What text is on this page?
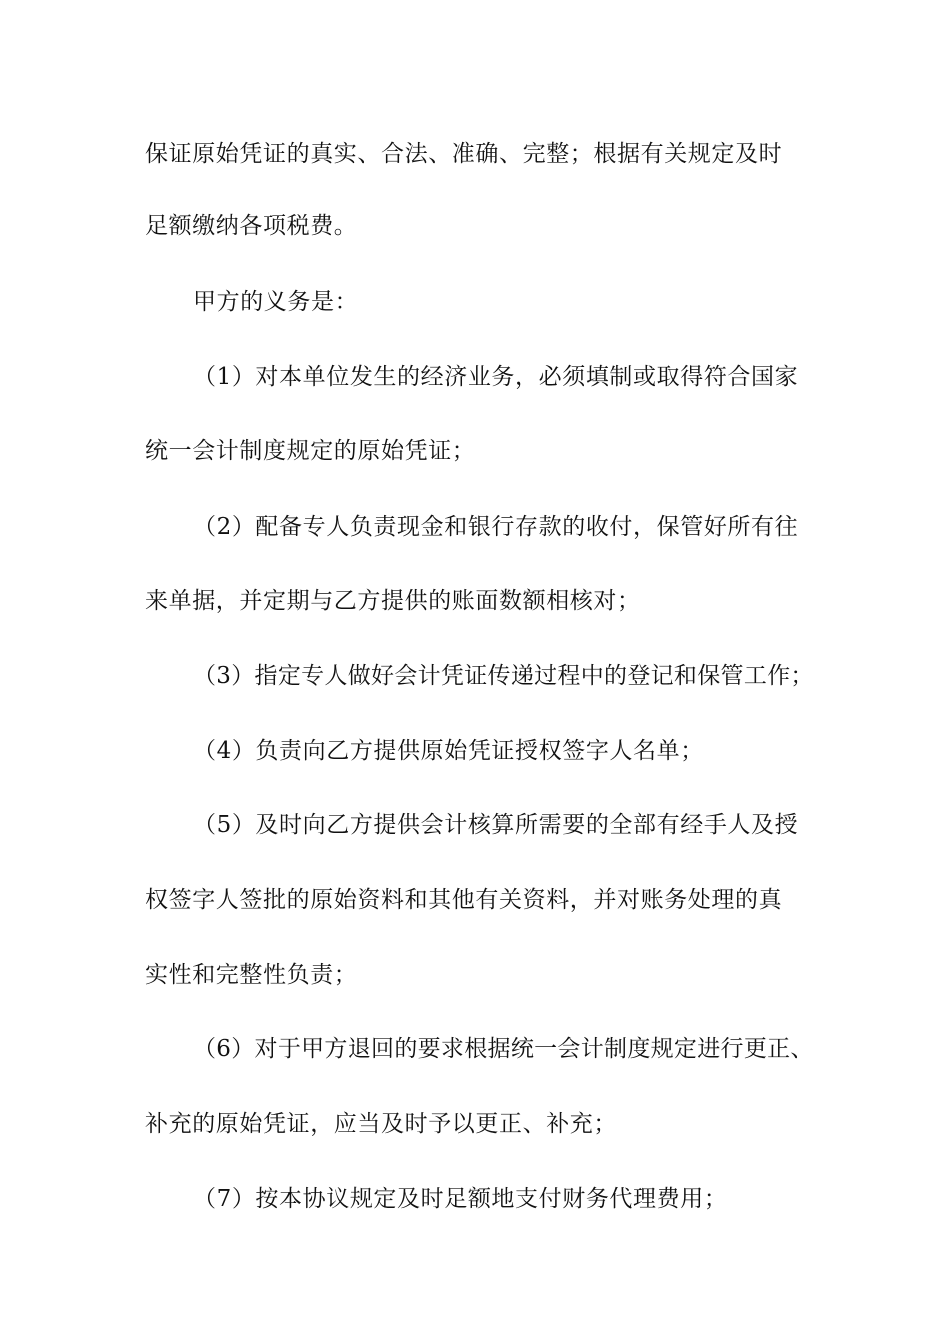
保证原始凭证的真实、合法、准确、完整；根据有关规定及时
足额缴纳各项税费。
甲方的义务是：
（1）对本单位发生的经济业务，必须填制或取得符合国家
统一会计制度规定的原始凭证；
（2）配备专人负责现金和银行存款的收付，保管好所有往
来单据，并定期与乙方提供的账面数额相核对；
（3）指定专人做好会计凭证传递过程中的登记和保管工作；
（4）负责向乙方提供原始凭证授权签字人名单；
（5）及时向乙方提供会计核算所需要的全部有经手人及授
权签字人签批的原始资料和其他有关资料，并对账务处理的真
实性和完整性负责；
（6）对于甲方退回的要求根据统一会计制度规定进行更正、
补充的原始凭证，应当及时予以更正、补充；
（7）按本协议规定及时足额地支付财务代理费用；
